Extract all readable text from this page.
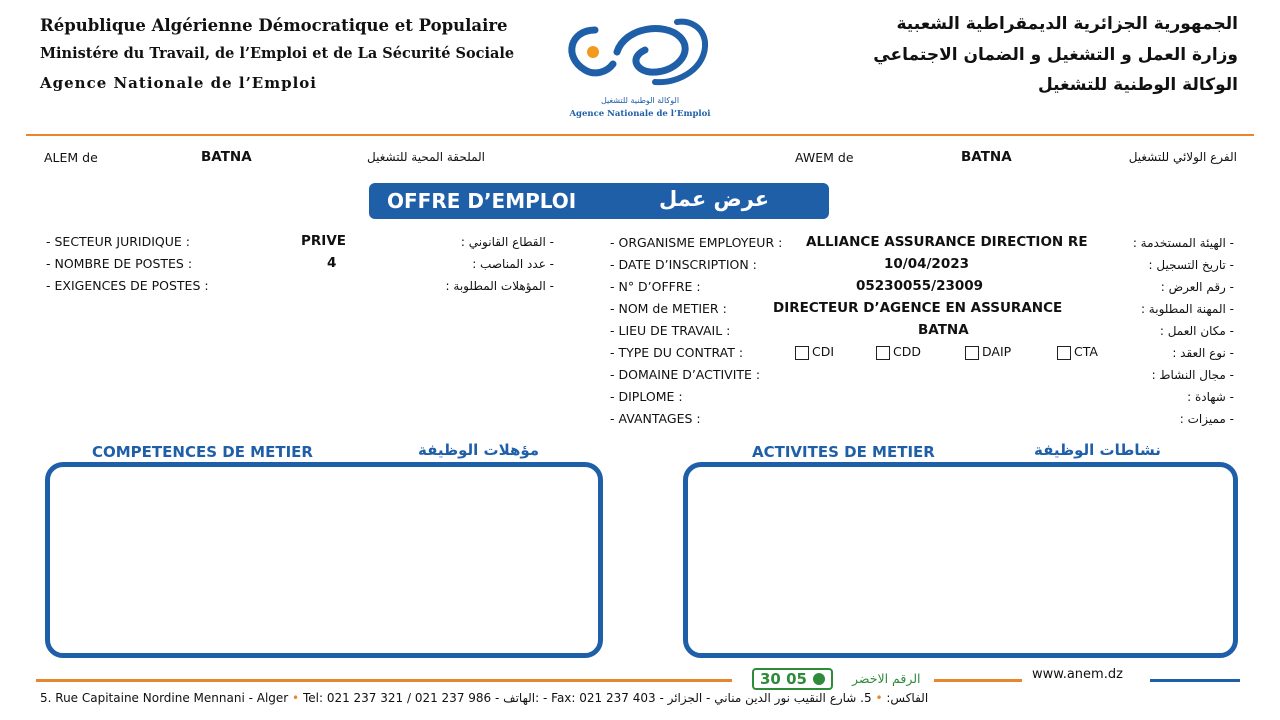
République Algérienne Démocratique et Populaire
Ministére du Travail, de l’Emploi et de La Sécurité Sociale
Agence Nationale de l’Emploi
الجمهورية الجزائرية الديمقراطية الشعبية
وزارة العمل و التشغيل و الضمان الاجتماعي
الوكالة الوطنية للتشغيل
الوكالة الوطنية للتشغيل
Agence Nationale de l’Emploi
ALEM de	BATNA	الملحقة المحية للتشغيل	AWEM de	BATNA	الفرع الولائي للتشغيل
OFFRE D’EMPLOI	عرض عمل
- SECTEUR JURIDIQUE :	PRIVE	- القطاع القانوني :
- NOMBRE DE POSTES :	4	- عدد المناصب :
- EXIGENCES DE POSTES :	- المؤهلات المطلوبة :
- ORGANISME EMPLOYEUR : ALLIANCE ASSURANCE DIRECTION RE	- الهيئة المستخدمة :
- DATE D’INSCRIPTION :	10/04/2023	- تاريخ التسجيل :
- N° D’OFFRE :	05230055/23009	- رقم العرض :
- NOM de METIER :	DIRECTEUR D’AGENCE EN ASSURANCE	- المهنة المطلوبة :
- LIEU DE TRAVAIL :	BATNA	- مكان العمل :
- TYPE DU CONTRAT :	CDI	CDD	DAIP	CTA	- نوع العقد :
- DOMAINE D’ACTIVITE :	- مجال النشاط :
- DIPLOME :	- شهادة :
- AVANTAGES :	- مميزات :
COMPETENCES DE METIER	مؤهلات الوظيفة	ACTIVITES DE METIER	نشاطات الوظيفة
30 05	الرقم الاخضر	www.anem.dz
5. Rue Capitaine Nordine Mennani - Alger • Tel: 021 237 321 / 021 237 986 - الهاتف: - Fax: 021 237 403 - الفاكس: • 5. شارع النقيب نور الدين مناني - الجزائر
